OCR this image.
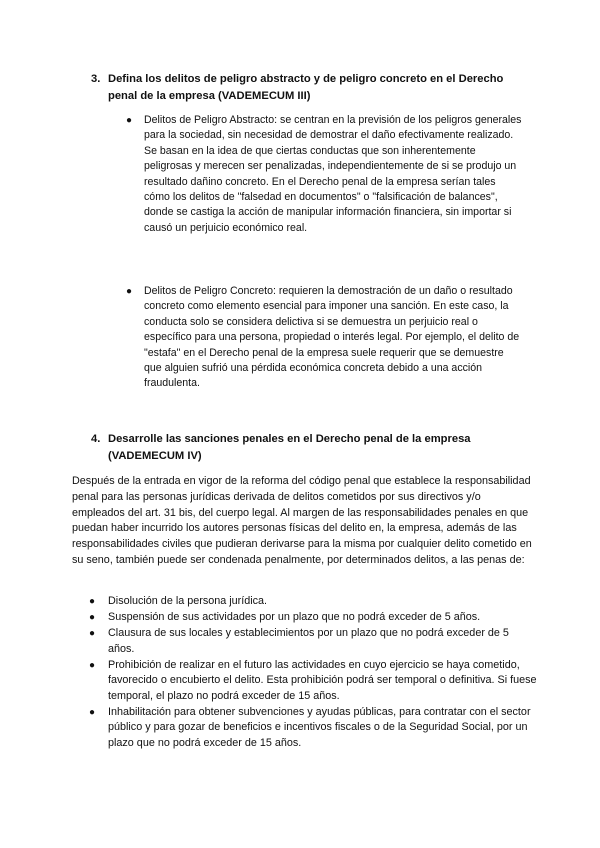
3. Defina los delitos de peligro abstracto y de peligro concreto en el Derecho penal de la empresa (VADEMECUM III)
● Delitos de Peligro Abstracto: se centran en la previsión de los peligros generales para la sociedad, sin necesidad de demostrar el daño efectivamente realizado. Se basan en la idea de que ciertas conductas que son inherentemente peligrosas y merecen ser penalizadas, independientemente de si se produjo un resultado dañino concreto. En el Derecho penal de la empresa serían tales cómo los delitos de "falsedad en documentos" o "falsificación de balances", donde se castiga la acción de manipular información financiera, sin importar si causó un perjuicio económico real.
● Delitos de Peligro Concreto: requieren la demostración de un daño o resultado concreto como elemento esencial para imponer una sanción. En este caso, la conducta solo se considera delictiva si se demuestra un perjuicio real o específico para una persona, propiedad o interés legal. Por ejemplo, el delito de "estafa" en el Derecho penal de la empresa suele requerir que se demuestre que alguien sufrió una pérdida económica concreta debido a una acción fraudulenta.
4. Desarrolle las sanciones penales en el Derecho penal de la empresa (VADEMECUM IV)
Después de la entrada en vigor de la reforma del código penal que establece la responsabilidad penal para las personas jurídicas derivada de delitos cometidos por sus directivos y/o empleados del art. 31 bis, del cuerpo legal. Al margen de las responsabilidades penales en que puedan haber incurrido los autores personas físicas del delito en, la empresa, además de las responsabilidades civiles que pudieran derivarse para la misma por cualquier delito cometido en su seno, también puede ser condenada penalmente, por determinados delitos, a las penas de:
● Disolución de la persona jurídica.
● Suspensión de sus actividades por un plazo que no podrá exceder de 5 años.
● Clausura de sus locales y establecimientos por un plazo que no podrá exceder de 5 años.
● Prohibición de realizar en el futuro las actividades en cuyo ejercicio se haya cometido, favorecido o encubierto el delito. Esta prohibición podrá ser temporal o definitiva. Si fuese temporal, el plazo no podrá exceder de 15 años.
● Inhabilitación para obtener subvenciones y ayudas públicas, para contratar con el sector público y para gozar de beneficios e incentivos fiscales o de la Seguridad Social, por un plazo que no podrá exceder de 15 años.
